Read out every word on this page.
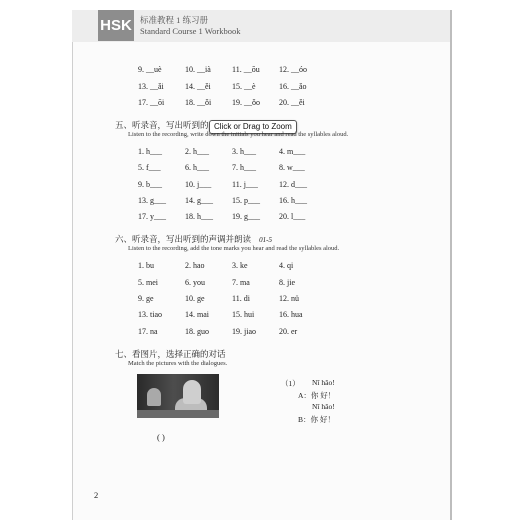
HSK 标准教程 1 练习册
Standard Course 1 Workbook
9. __uè	10. __ià	11. __ōu 12. __óo
13. __ǎi	14. __ěi	15. __è	16. __ǎo
17. __ōi	18. __ǒi	19. __ǒo 20. __ěi
五、听录音，写出听到的 Click or Drag to Zoom
Listen to the recording, write down the initials you hear and read the syllables aloud.
1. h___	2. h___	3. h___	4. m___
5. f___	6. h___	7. h___	8. w___
9. b___	10. j___	11. j___	12. d___
13. g___ 14. g___ 15. p___ 16. h___
17. y___ 18. h___ 19. g___ 20. l___
六、听录音，写出听到的声调并朗读 01-5
Listen to the recording, add the tone marks you hear and read the syllables aloud.
1. bu	2. hao	3. ke	4. qi
5. mei	6. you	7. ma	8. jie
9. ge	10. ge	11. di	12. nü
13. tiao	14. mai	15. hui	16. hua
17. na	18. guo	19. jiao	20. er
七、看图片，选择正确的对话
Match the pictures with the dialogues.
( )
（1） Nǐ hǎo!
A：你 好！
Nǐ hǎo!
B：你 好！
2
